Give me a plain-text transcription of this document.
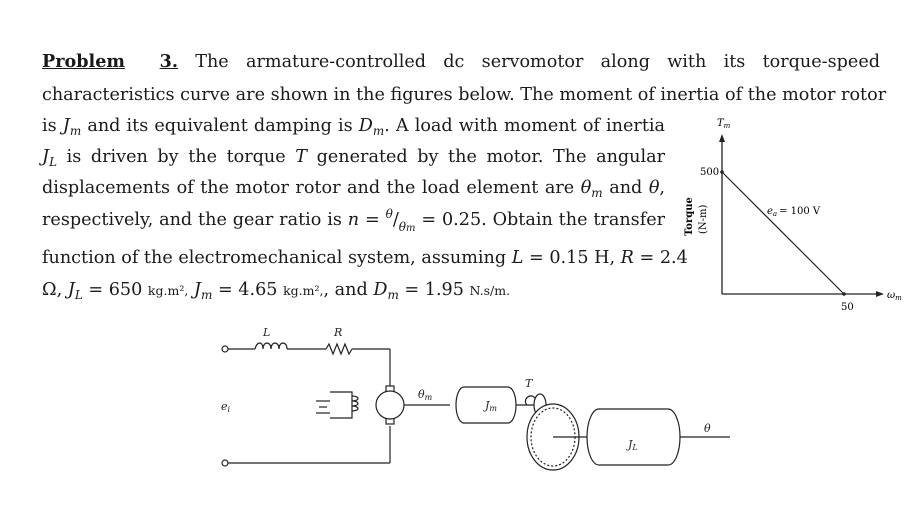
Problem 3. The armature-controlled dc servomotor along with its torque-speed
characteristics curve are shown in the figures below. The moment of inertia of the motor rotor
is $J_m$ and its equivalent damping is $D_m$. A load with moment of inertia
$J_L$ is driven by the torque T generated by the motor. The angular
displacements of the motor rotor and the load element are $\theta_m$ and θ,
respectively, and the gear ratio is $n = ^\theta/_{\theta m} = 0.25$. Obtain the transfer
function of the electromechanical system, assuming L = 0.15 H, R = 2.4
Ω, $J_L = 650$ kg.m², $J_m = 4.65$ kg.m²,, and $D_m = 1.95$ N.s/m.
$T_m$
500
Torque (N-m)	$e_a = 100$ V
50
$\omega_m$
L	R
ei
θm
Jm
T
JL
θ
